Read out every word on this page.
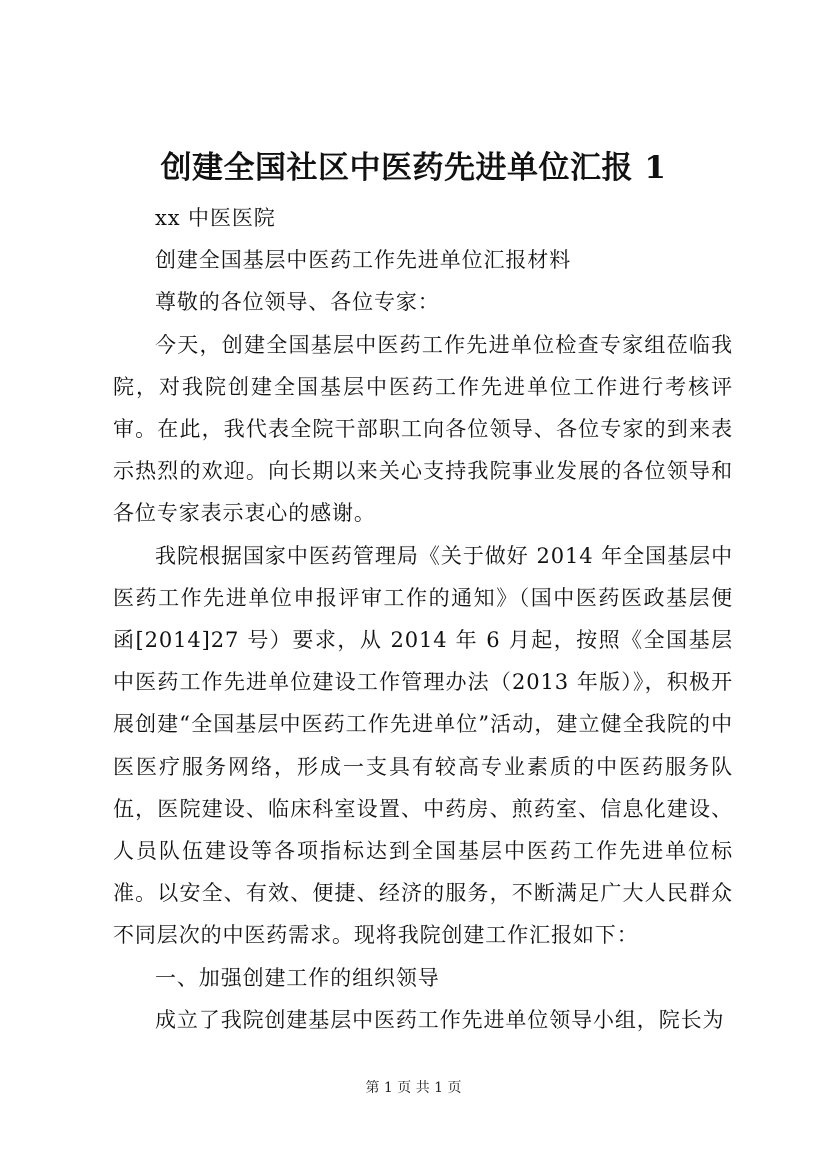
创建全国社区中医药先进单位汇报 1

xx 中医医院

创建全国基层中医药工作先进单位汇报材料

尊敬的各位领导、各位专家：

今天，创建全国基层中医药工作先进单位检查专家组莅临我院，对我院创建全国基层中医药工作先进单位工作进行考核评审。在此，我代表全院干部职工向各位领导、各位专家的到来表示热烈的欢迎。向长期以来关心支持我院事业发展的各位领导和各位专家表示衷心的感谢。

我院根据国家中医药管理局《关于做好 2014 年全国基层中医药工作先进单位申报评审工作的通知》（国中医药医政基层便函[2014]27 号）要求，从 2014 年 6 月起，按照《全国基层中医药工作先进单位建设工作管理办法（2013 年版）》，积极开展创建“全国基层中医药工作先进单位”活动，建立健全我院的中医医疗服务网络，形成一支具有较高专业素质的中医药服务队伍，医院建设、临床科室设置、中药房、煎药室、信息化建设、人员队伍建设等各项指标达到全国基层中医药工作先进单位标准。以安全、有效、便捷、经济的服务，不断满足广大人民群众不同层次的中医药需求。现将我院创建工作汇报如下：

一、加强创建工作的组织领导

成立了我院创建基层中医药工作先进单位领导小组，院长为

第 1 页 共 1 页
